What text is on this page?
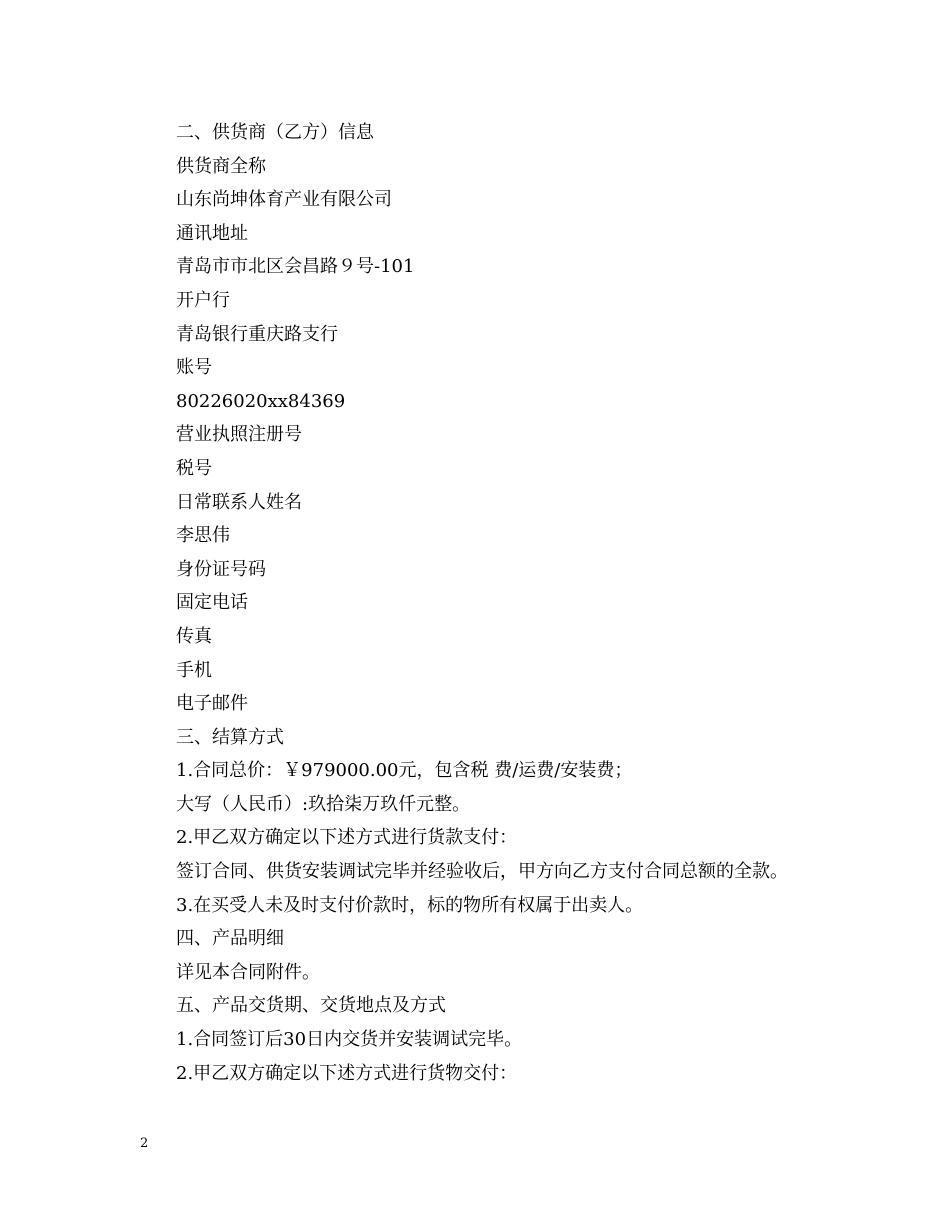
二、供货商（乙方）信息
供货商全称
山东尚坤体育产业有限公司
通讯地址
青岛市市北区会昌路９号-101
开户行
青岛银行重庆路支行
账号
80226020xx84369
营业执照注册号
税号
日常联系人姓名
李思伟
身份证号码
固定电话
传真
手机
电子邮件
三、结算方式
1.合同总价：￥979000.00元，包含税 费/运费/安装费；
大写（人民币）:玖拾柒万玖仟元整。
2.甲乙双方确定以下述方式进行货款支付：
签订合同、供货安装调试完毕并经验收后，甲方向乙方支付合同总额的全款。
3.在买受人未及时支付价款时，标的物所有权属于出卖人。
四、产品明细
详见本合同附件。
五、产品交货期、交货地点及方式
1.合同签订后30日内交货并安装调试完毕。
2.甲乙双方确定以下述方式进行货物交付：
2
